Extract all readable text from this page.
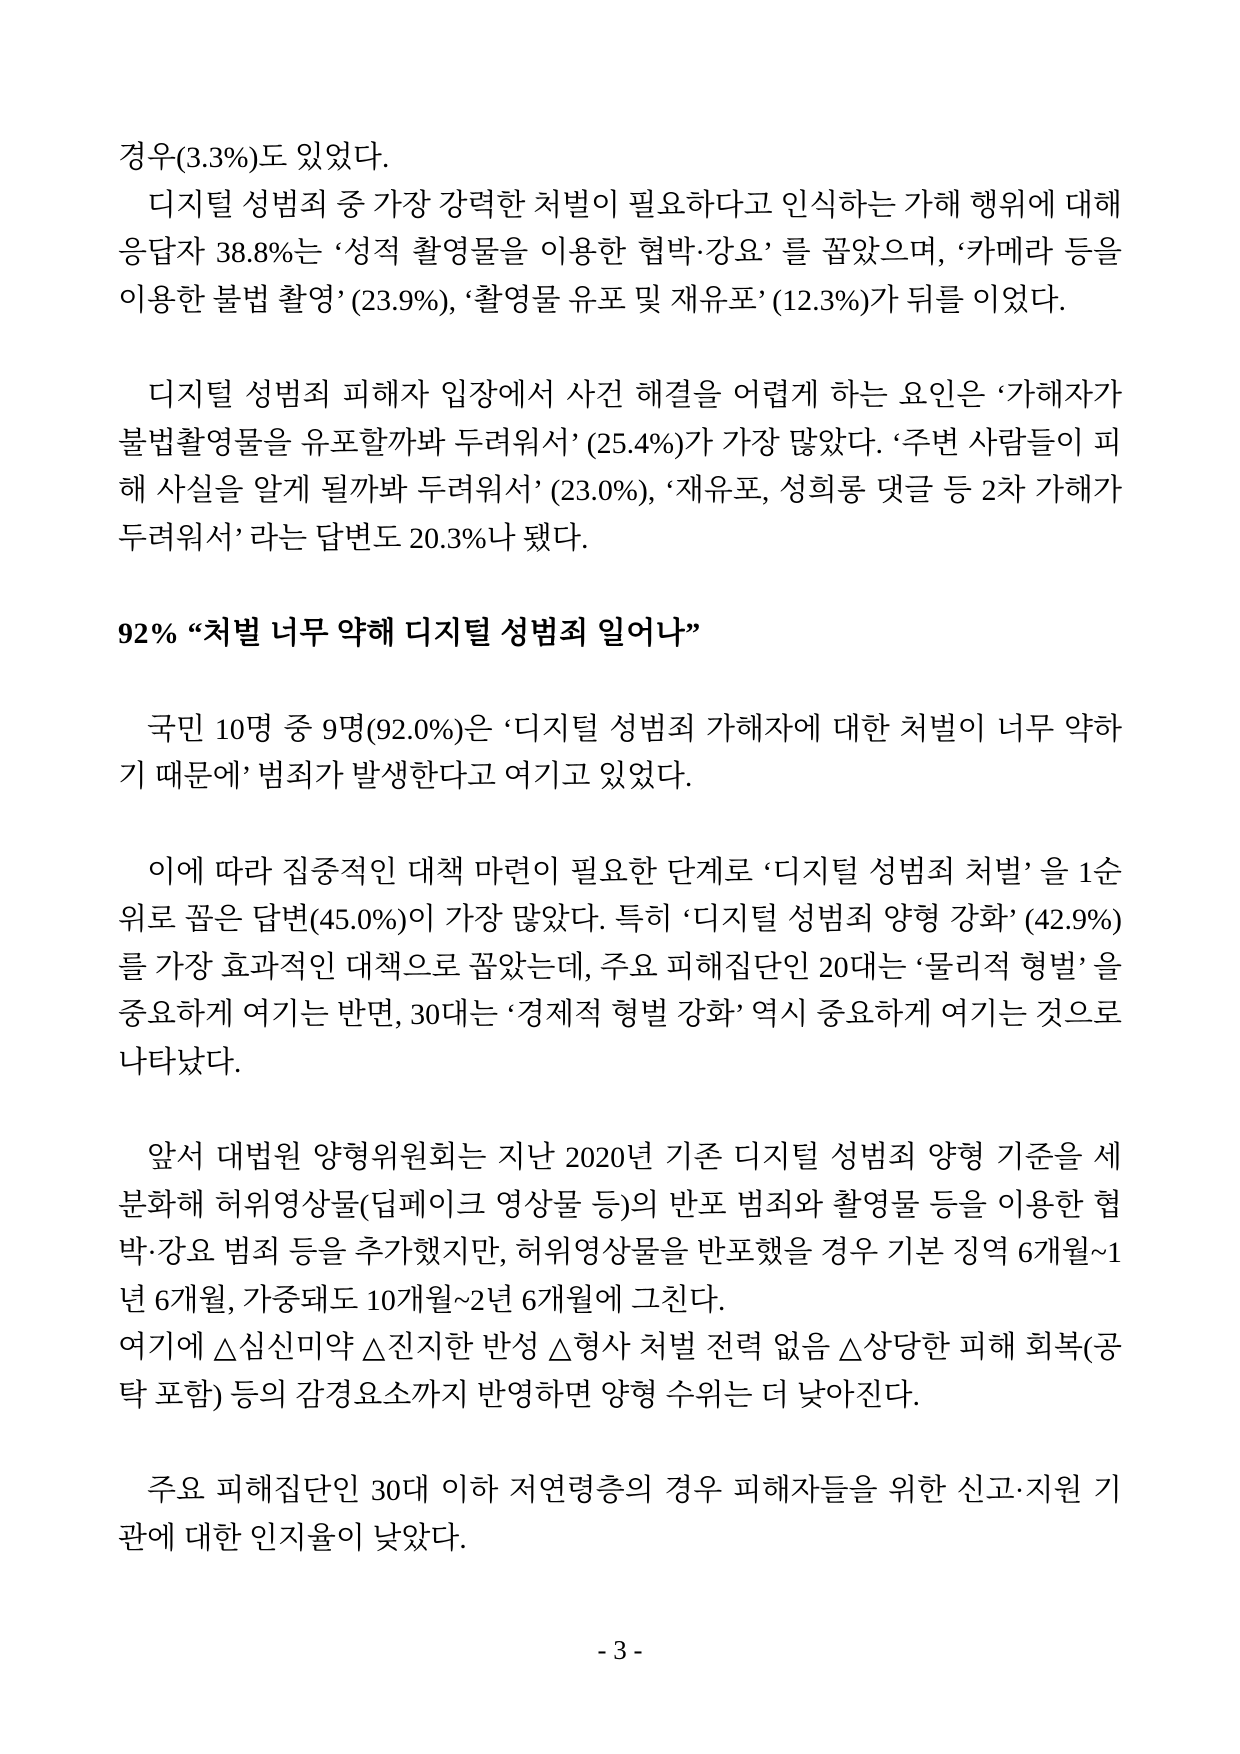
경우(3.3%)도 있었다.

디지털 성범죄 중 가장 강력한 처벌이 필요하다고 인식하는 가해 행위에 대해 응답자 38.8%는 ‘성적 촬영물을 이용한 협박·강요’ 를 꼽았으며, ‘카메라 등을 이용한 불법 촬영’ (23.9%), ‘촬영물 유포 및 재유포’ (12.3%)가 뒤를 이었다.

디지털 성범죄 피해자 입장에서 사건 해결을 어렵게 하는 요인은 ‘가해자가 불법촬영물을 유포할까봐 두려워서’ (25.4%)가 가장 많았다. ‘주변 사람들이 피해 사실을 알게 될까봐 두려워서’ (23.0%), ‘재유포, 성희롱 댓글 등 2차 가해가 두려워서’ 라는 답변도 20.3%나 됐다.

92% “처벌 너무 약해 디지털 성범죄 일어나”

국민 10명 중 9명(92.0%)은 ‘디지털 성범죄 가해자에 대한 처벌이 너무 약하기 때문에’ 범죄가 발생한다고 여기고 있었다.

이에 따라 집중적인 대책 마련이 필요한 단계로 ‘디지털 성범죄 처벌’ 을 1순위로 꼽은 답변(45.0%)이 가장 많았다. 특히 ‘디지털 성범죄 양형 강화’ (42.9%)를 가장 효과적인 대책으로 꼽았는데, 주요 피해집단인 20대는 ‘물리적 형벌’ 을 중요하게 여기는 반면, 30대는 ‘경제적 형벌 강화’ 역시 중요하게 여기는 것으로 나타났다.

앞서 대법원 양형위원회는 지난 2020년 기존 디지털 성범죄 양형 기준을 세분화해 허위영상물(딥페이크 영상물 등)의 반포 범죄와 촬영물 등을 이용한 협박·강요 범죄 등을 추가했지만, 허위영상물을 반포했을 경우 기본 징역 6개월~1년 6개월, 가중돼도 10개월~2년 6개월에 그친다.

여기에 △심신미약 △진지한 반성 △형사 처벌 전력 없음 △상당한 피해 회복(공탁 포함) 등의 감경요소까지 반영하면 양형 수위는 더 낮아진다.

주요 피해집단인 30대 이하 저연령층의 경우 피해자들을 위한 신고·지원 기관에 대한 인지율이 낮았다.

- 3 -
